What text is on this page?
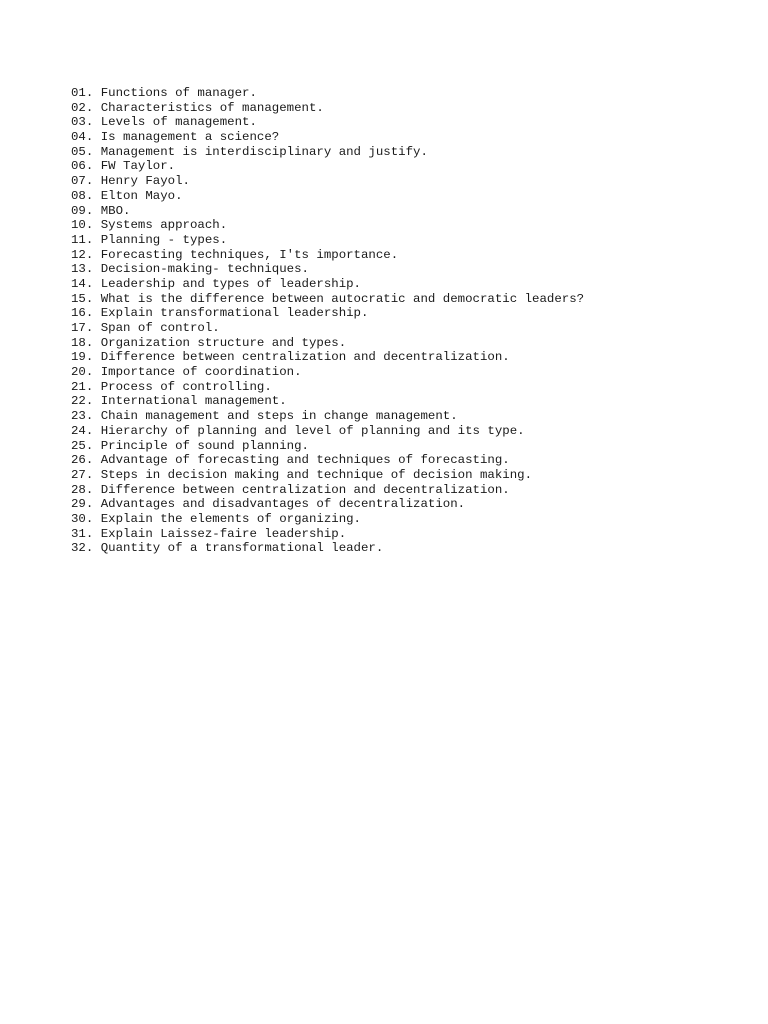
01. Functions of manager.
02. Characteristics of management.
03. Levels of management.
04. Is management a science?
05. Management is interdisciplinary and justify.
06. FW Taylor.
07. Henry Fayol.
08. Elton Mayo.
09. MBO.
10. Systems approach.
11. Planning - types.
12. Forecasting techniques, I'ts importance.
13. Decision-making- techniques.
14. Leadership and types of leadership.
15. What is the difference between autocratic and democratic leaders?
16. Explain transformational leadership.
17. Span of control.
18. Organization structure and types.
19. Difference between centralization and decentralization.
20. Importance of coordination.
21. Process of controlling.
22. International management.
23. Chain management and steps in change management.
24. Hierarchy of planning and level of planning and its type.
25. Principle of sound planning.
26. Advantage of forecasting and techniques of forecasting.
27. Steps in decision making and technique of decision making.
28. Difference between centralization and decentralization.
29. Advantages and disadvantages of decentralization.
30. Explain the elements of organizing.
31. Explain Laissez-faire leadership.
32. Quantity of a transformational leader.
